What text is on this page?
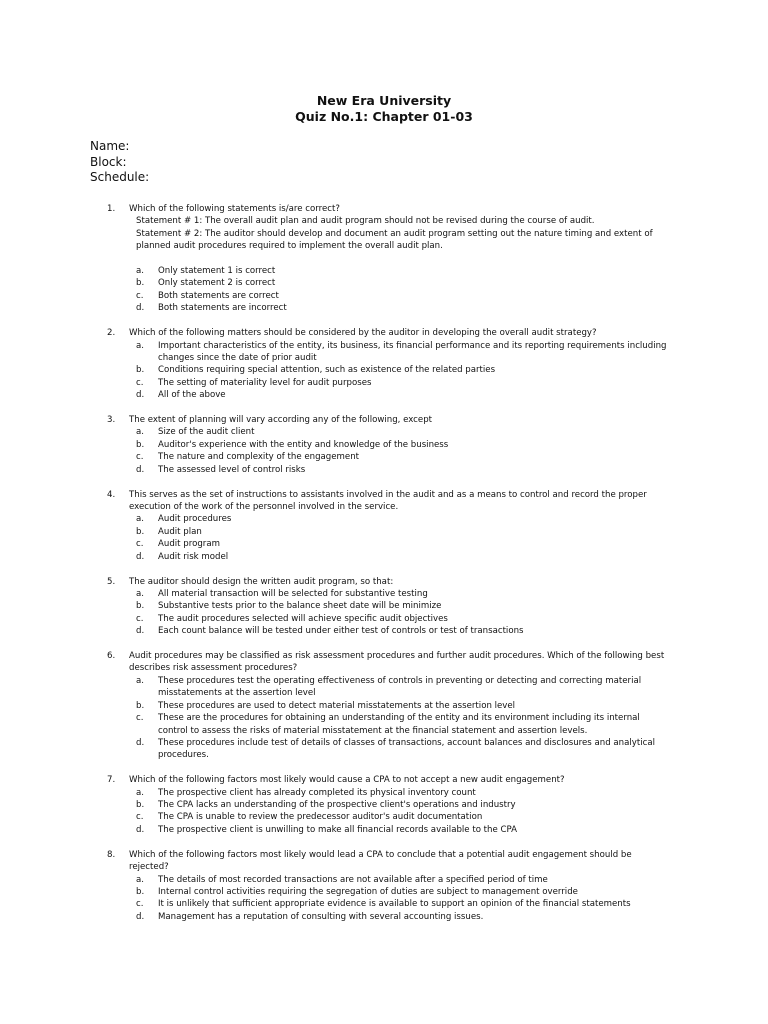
New Era University
Quiz No.1: Chapter 01-03
Name:
Block:
Schedule:
1. Which of the following statements is/are correct?
Statement # 1: The overall audit plan and audit program should not be revised during the course of audit.
Statement # 2: The auditor should develop and document an audit program setting out the nature timing and extent of planned audit procedures required to implement the overall audit plan.
a. Only statement 1 is correct
b. Only statement 2 is correct
c. Both statements are correct
d. Both statements are incorrect
2. Which of the following matters should be considered by the auditor in developing the overall audit strategy?
a. Important characteristics of the entity, its business, its financial performance and its reporting requirements including changes since the date of prior audit
b. Conditions requiring special attention, such as existence of the related parties
c. The setting of materiality level for audit purposes
d. All of the above
3. The extent of planning will vary according any of the following, except
a. Size of the audit client
b. Auditor's experience with the entity and knowledge of the business
c. The nature and complexity of the engagement
d. The assessed level of control risks
4. This serves as the set of instructions to assistants involved in the audit and as a means to control and record the proper execution of the work of the personnel involved in the service.
a. Audit procedures
b. Audit plan
c. Audit program
d. Audit risk model
5. The auditor should design the written audit program, so that:
a. All material transaction will be selected for substantive testing
b. Substantive tests prior to the balance sheet date will be minimize
c. The audit procedures selected will achieve specific audit objectives
d. Each count balance will be tested under either test of controls or test of transactions
6. Audit procedures may be classified as risk assessment procedures and further audit procedures. Which of the following best describes risk assessment procedures?
a. These procedures test the operating effectiveness of controls in preventing or detecting and correcting material misstatements at the assertion level
b. These procedures are used to detect material misstatements at the assertion level
c. These are the procedures for obtaining an understanding of the entity and its environment including its internal control to assess the risks of material misstatement at the financial statement and assertion levels.
d. These procedures include test of details of classes of transactions, account balances and disclosures and analytical procedures.
7. Which of the following factors most likely would cause a CPA to not accept a new audit engagement?
a. The prospective client has already completed its physical inventory count
b. The CPA lacks an understanding of the prospective client's operations and industry
c. The CPA is unable to review the predecessor auditor's audit documentation
d. The prospective client is unwilling to make all financial records available to the CPA
8. Which of the following factors most likely would lead a CPA to conclude that a potential audit engagement should be rejected?
a. The details of most recorded transactions are not available after a specified period of time
b. Internal control activities requiring the segregation of duties are subject to management override
c. It is unlikely that sufficient appropriate evidence is available to support an opinion of the financial statements
d. Management has a reputation of consulting with several accounting issues.
